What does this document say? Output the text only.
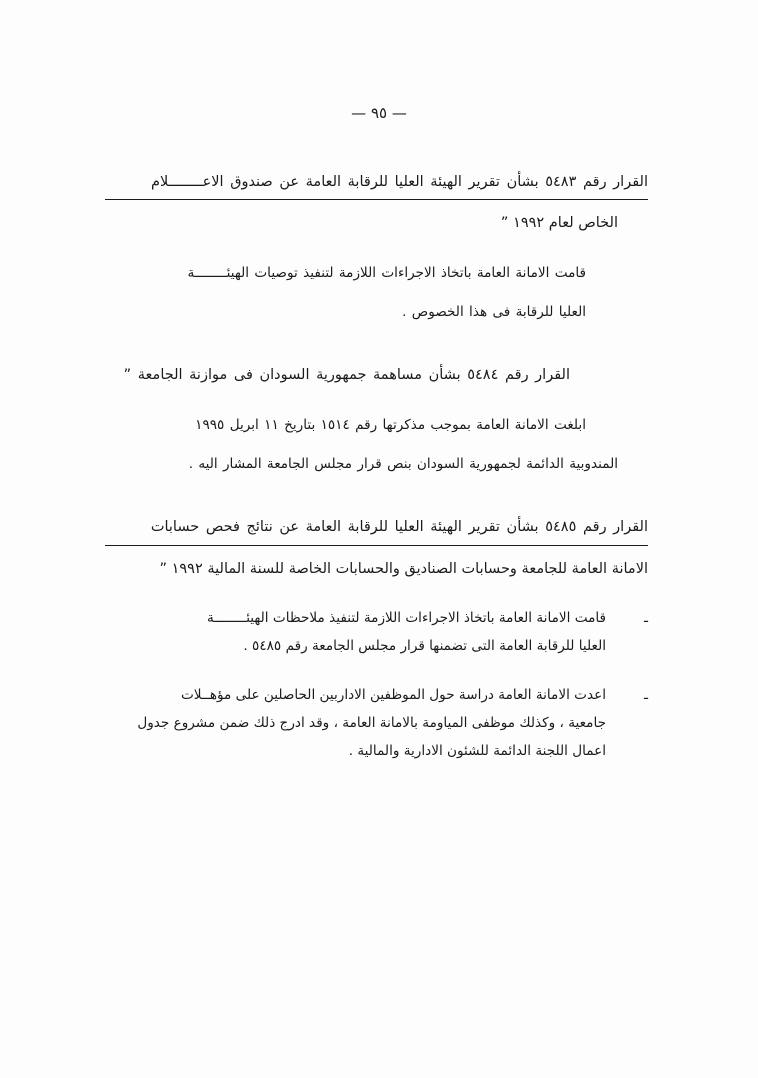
— ٩٥ —
القرار رقم ٥٤٨٣ بشأن تقرير الهيئة العليا للرقابة العامة عن صندوق الاعــــــــلام
الخاص لعام ١٩٩٢ ”
قامت الامانة العامة باتخاذ الاجراءات اللازمة لتنفيذ توصيات الهيئــــــــة
العليا للرقابة فى هذا الخصوص .
القرار رقم ٥٤٨٤ بشأن مساهمة جمهورية السودان فى موازنة الجامعة ”
ابلغت الامانة العامة بموجب مذكرتها رقم ١٥١٤ بتاريخ ١١ ابريل ١٩٩٥
المندوبية الدائمة لجمهورية السودان بنص قرار مجلس الجامعة المشار اليه .
القرار رقم ٥٤٨٥ بشأن تقرير الهيئة العليا للرقابة العامة عن نتائج فحص حسابات
الامانة العامة للجامعة وحسابات الصناديق والحسابات الخاصة للسنة المالية ١٩٩٢ ”
ـ
قامت الامانة العامة باتخاذ الاجراءات اللازمة لتنفيذ ملاحظات الهيئــــــــة
العليا للرقابة العامة التى تضمنها قرار مجلس الجامعة رقم ٥٤٨٥ .
ـ
اعدت الامانة العامة دراسة حول الموظفين الاداربين الحاصلين على مؤهــلات
جامعية ، وكذلك موظفى المياومة بالامانة العامة ، وقد ادرج ذلك ضمن مشروع جدول
اعمال اللجنة الدائمة للشئون الادارية والمالية .
